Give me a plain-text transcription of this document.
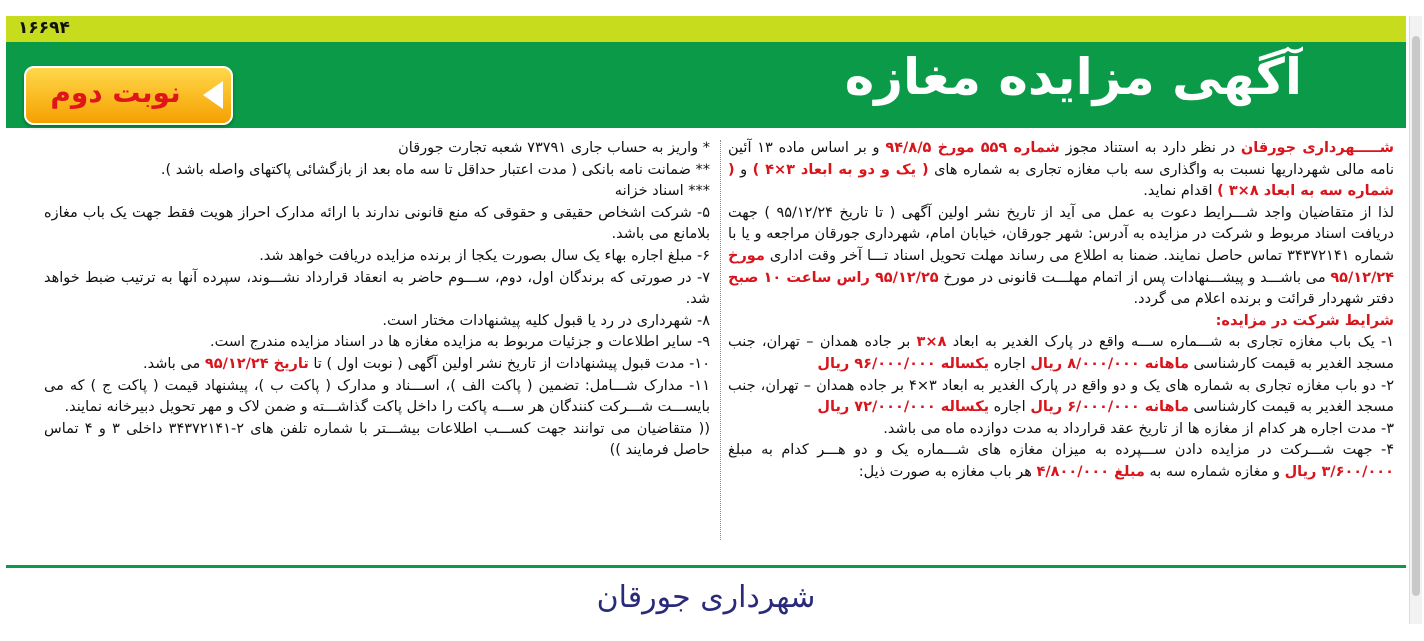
۱۶۶۹۴
آگهی مزایده مغازه
نوبت دوم

شـــــهرداری جورقان در نظر دارد به استناد مجوز شماره ۵۵۹ مورخ ۹۴/۸/۵ و بر اساس ماده ۱۳ آئین نامه مالی شهرداریها نسبت به واگذاری سه باب مغازه تجاری به شماره های ( یک و دو به ابعاد ۳×۴ ) و ( شماره سه به ابعاد ۸×۳ ) اقدام نماید.

لذا از متقاضیان واجد شـــرایط دعوت به عمل می آید از تاریخ نشر اولین آگهی ( تا تاریخ ۹۵/۱۲/۲۴ ) جهت دریافت اسناد مربوط و شرکت در مزایده به آدرس: شهر جورقان، خیابان امام، شهرداری جورقان مراجعه و یا با شماره ۳۴۳۷۲۱۴۱ تماس حاصل نمایند. ضمنا به اطلاع می رساند مهلت تحویل اسناد تـــا آخر وقت اداری مورخ ۹۵/۱۲/۲۴ می باشـــد و پیشـــنهادات پس از اتمام مهلـــت قانونی در مورخ ۹۵/۱۲/۲۵ راس ساعت ۱۰ صبح دفتر شهردار قرائت و برنده اعلام می گردد.

شرایط شرکت در مزایده:

۱- یک باب مغازه تجاری به شـــماره ســـه واقع در پارک الغدیر به ابعاد ۸×۳ بر جاده همدان – تهران، جنب مسجد الغدیر به قیمت کارشناسی ماهانه ۸/۰۰۰/۰۰۰ ریال اجاره یکساله ۹۶/۰۰۰/۰۰۰ ریال

۲- دو باب مغازه تجاری به شماره های یک و دو واقع در پارک الغدیر به ابعاد ۳×۴ بر جاده همدان – تهران، جنب مسجد الغدیر به قیمت کارشناسی ماهانه ۶/۰۰۰/۰۰۰ ریال اجاره یکساله ۷۲/۰۰۰/۰۰۰ ریال

۳- مدت اجاره هر کدام از مغازه ها از تاریخ عقد قرارداد به مدت دوازده ماه می باشد.

۴- جهت شـــرکت در مزایده دادن ســـپرده به میزان مغازه های شـــماره یک و دو هـــر کدام به مبلغ ۳/۶۰۰/۰۰۰ ریال و مغازه شماره سه به مبلغ ۴/۸۰۰/۰۰۰ هر باب مغازه به صورت ذیل:

* واریز به حساب جاری ۷۳۷۹۱ شعبه تجارت جورقان

** ضمانت نامه بانکی ( مدت اعتبار حداقل تا سه ماه بعد از بازگشائی پاکتهای واصله باشد ).

*** اسناد خزانه

۵- شرکت اشخاص حقیقی و حقوقی که منع قانونی ندارند با ارائه مدارک احراز هویت فقط جهت یک باب مغازه بلامانع می باشد.

۶- مبلغ اجاره بهاء یک سال بصورت یکجا از برنده مزایده دریافت خواهد شد.

۷- در صورتی که برندگان اول، دوم، ســـوم حاضر به انعقاد قرارداد نشـــوند، سپرده آنها به ترتیب ضبط خواهد شد.

۸- شهرداری در رد یا قبول کلیه پیشنهادات مختار است.

۹- سایر اطلاعات و جزئیات مربوط به مزایده مغازه ها در اسناد مزایده مندرج است.

۱۰- مدت قبول پیشنهادات از تاریخ نشر اولین آگهی ( نوبت اول ) تا تاریخ ۹۵/۱۲/۲۴ می باشد.

۱۱- مدارک شـــامل: تضمین ( پاکت الف )، اســـناد و مدارک ( پاکت ب )، پیشنهاد قیمت ( پاکت ج ) که می بایســـت شـــرکت کنندگان هر ســـه پاکت را داخل پاکت گذاشـــته و ضمن لاک و مهر تحویل دبیرخانه نمایند.

(( متقاضیان می توانند جهت کســـب اطلاعات بیشـــتر با شماره تلفن های ۲-۳۴۳۷۲۱۴۱ داخلی ۳ و ۴ تماس حاصل فرمایند ))

شهرداری جورقان
